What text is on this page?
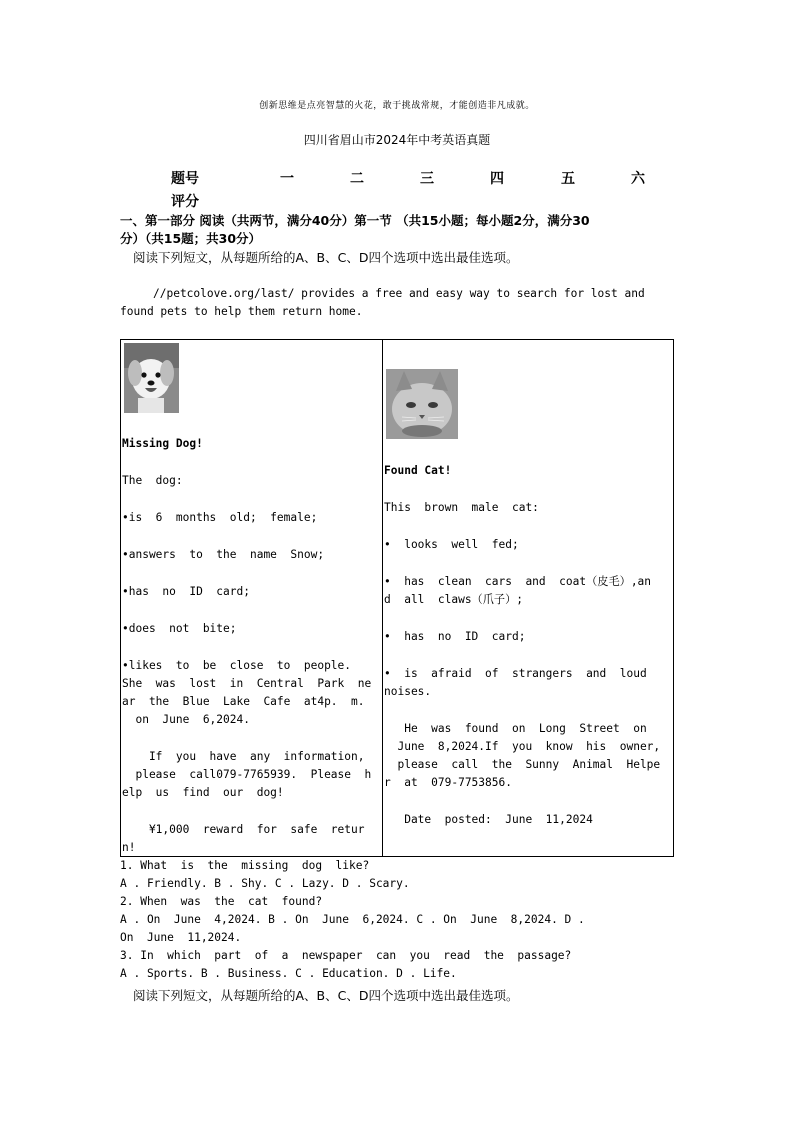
创新思维是点亮智慧的火花，敢于挑战常规，才能创造非凡成就。
四川省眉山市2024年中考英语真题
题号	一	二	三	四	五	六
评分
一、第一部分 阅读（共两节，满分40分）第一节 （共15小题；每小题2分，满分30
分）（共15题；共30分）
阅读下列短文，从每题所给的A、B、C、D四个选项中选出最佳选项。
//petcolove.org/last/ provides a free and easy way to search for lost and
found pets to help them return home.
Missing Dog!
The  dog:
•is  6  months  old;  female;
•answers  to  the  name  Snow;
•has  no  ID  card;
•does  not  bite;
•likes  to  be  close  to  people.
She  was  lost  in  Central  Park  ne
ar  the  Blue  Lake  Cafe  at4p.  m.
on  June  6,2024.
If  you  have  any  information,
please  call079-7765939.  Please  h
elp  us  find  our  dog!
¥1,000  reward  for  safe  retur
n!
Found Cat!
This  brown  male  cat:
•  looks  well  fed;
•  has  clean  cars  and  coat（皮毛）,an
d  all  claws（爪子）;
•  has  no  ID  card;
•  is  afraid  of  strangers  and  loud
noises.
He  was  found  on  Long  Street  on
June  8,2024.If  you  know  his  owner,
please  call  the  Sunny  Animal  Helpe
r  at  079-7753856.
Date  posted:  June  11,2024
1. What  is  the  missing  dog  like?
A . Friendly. B . Shy. C . Lazy. D . Scary.
2. When  was  the  cat  found?
A . On  June  4,2024. B . On  June  6,2024. C . On  June  8,2024. D .
On  June  11,2024.
3. In  which  part  of  a  newspaper  can  you  read  the  passage?
A . Sports. B . Business. C . Education. D . Life.
阅读下列短文，从每题所给的A、B、C、D四个选项中选出最佳选项。
